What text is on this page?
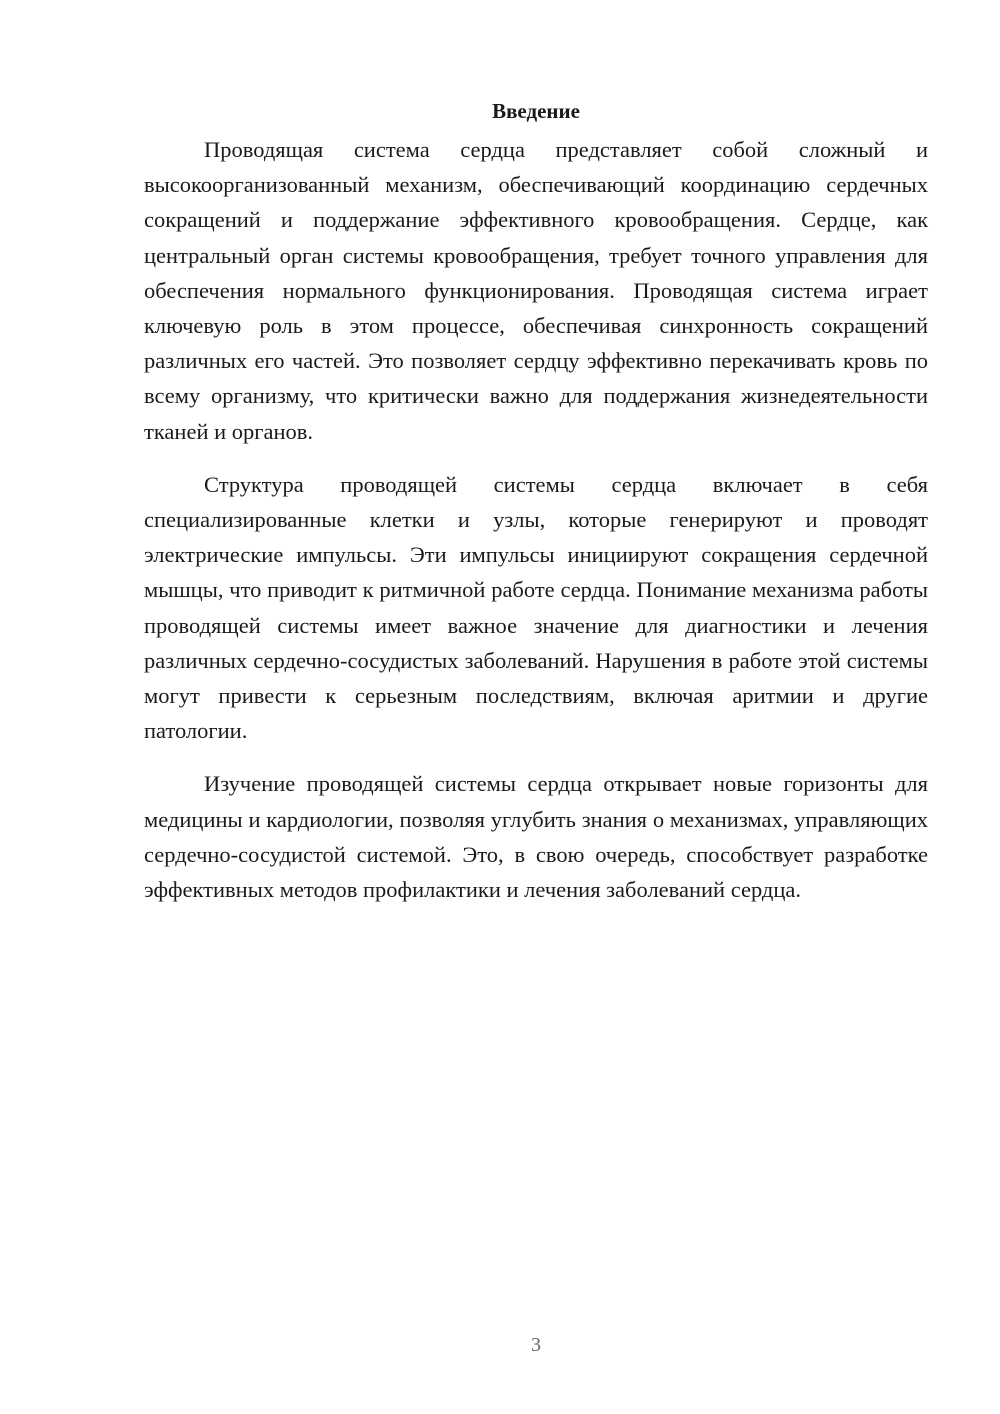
Введение

Проводящая система сердца представляет собой сложный и высокоорганизованный механизм, обеспечивающий координацию сердечных сокращений и поддержание эффективного кровообращения. Сердце, как центральный орган системы кровообращения, требует точного управления для обеспечения нормального функционирования. Проводящая система играет ключевую роль в этом процессе, обеспечивая синхронность сокращений различных его частей. Это позволяет сердцу эффективно перекачивать кровь по всему организму, что критически важно для поддержания жизнедеятельности тканей и органов.

Структура проводящей системы сердца включает в себя специализированные клетки и узлы, которые генерируют и проводят электрические импульсы. Эти импульсы инициируют сокращения сердечной мышцы, что приводит к ритмичной работе сердца. Понимание механизма работы проводящей системы имеет важное значение для диагностики и лечения различных сердечно-сосудистых заболеваний. Нарушения в работе этой системы могут привести к серьезным последствиям, включая аритмии и другие патологии.

Изучение проводящей системы сердца открывает новые горизонты для медицины и кардиологии, позволяя углубить знания о механизмах, управляющих сердечно-сосудистой системой. Это, в свою очередь, способствует разработке эффективных методов профилактики и лечения заболеваний сердца.

3
